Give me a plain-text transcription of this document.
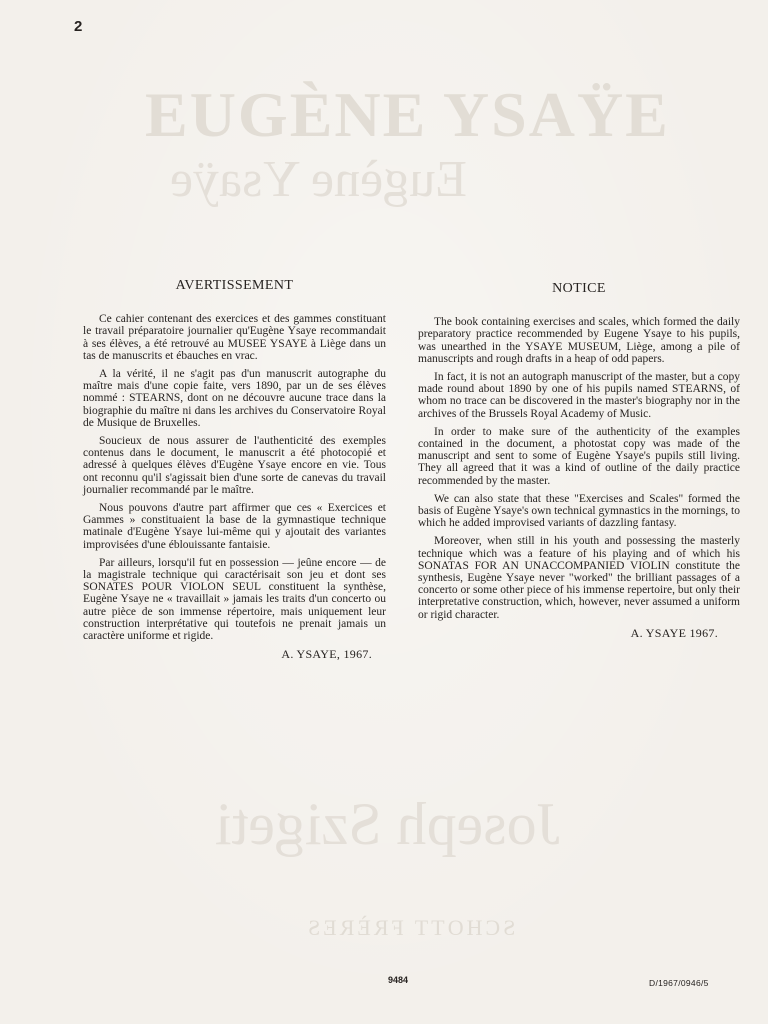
EUGÈNE YSAŸE
Eugène Ysaÿe
Joseph Szigeti
SCHOTT FRÈRES
2
AVERTISSEMENT

Ce cahier contenant des exercices et des gammes constituant le travail préparatoire journalier qu'Eugène Ysaye recommandait à ses élèves, a été retrouvé au MUSEE YSAYE à Liège dans un tas de manuscrits et ébauches en vrac.

A la vérité, il ne s'agit pas d'un manuscrit autographe du maître mais d'une copie faite, vers 1890, par un de ses élèves nommé : STEARNS, dont on ne découvre aucune trace dans la biographie du maître ni dans les archives du Conservatoire Royal de Musique de Bruxelles.

Soucieux de nous assurer de l'authenticité des exemples contenus dans le document, le manuscrit a été photocopié et adressé à quelques élèves d'Eugène Ysaye encore en vie. Tous ont reconnu qu'il s'agissait bien d'une sorte de canevas du travail journalier recommandé par le maître.

Nous pouvons d'autre part affirmer que ces « Exercices et Gammes » constituaient la base de la gymnastique technique matinale d'Eugène Ysaye lui-même qui y ajoutait des variantes improvisées d'une éblouissante fantaisie.

Par ailleurs, lorsqu'il fut en possession — jeûne encore — de la magistrale technique qui caractérisait son jeu et dont ses SONATES POUR VIOLON SEUL constituent la synthèse, Eugène Ysaye ne « travaillait » jamais les traits d'un concerto ou autre pièce de son immense répertoire, mais uniquement leur construction interprétative qui toutefois ne prenait jamais un caractère uniforme et rigide.

A. YSAYE, 1967.
NOTICE

The book containing exercises and scales, which formed the daily preparatory practice recommended by Eugene Ysaye to his pupils, was unearthed in the YSAYE MUSEUM, Liège, among a pile of manuscripts and rough drafts in a heap of odd papers.

In fact, it is not an autograph manuscript of the master, but a copy made round about 1890 by one of his pupils named STEARNS, of whom no trace can be discovered in the master's biography nor in the archives of the Brussels Royal Academy of Music.

In order to make sure of the authenticity of the examples contained in the document, a photostat copy was made of the manuscript and sent to some of Eugène Ysaye's pupils still living. They all agreed that it was a kind of outline of the daily practice recommended by the master.

We can also state that these "Exercises and Scales" formed the basis of Eugène Ysaye's own technical gymnastics in the mornings, to which he added improvised variants of dazzling fantasy.

Moreover, when still in his youth and possessing the masterly technique which was a feature of his playing and of which his SONATAS FOR AN UNACCOMPANIED VIOLIN constitute the synthesis, Eugène Ysaye never "worked" the brilliant passages of a concerto or some other piece of his immense repertoire, but only their interpretative construction, which, however, never assumed a uniform or rigid character.

A. YSAYE 1967.
9484	D/1967/0946/5
